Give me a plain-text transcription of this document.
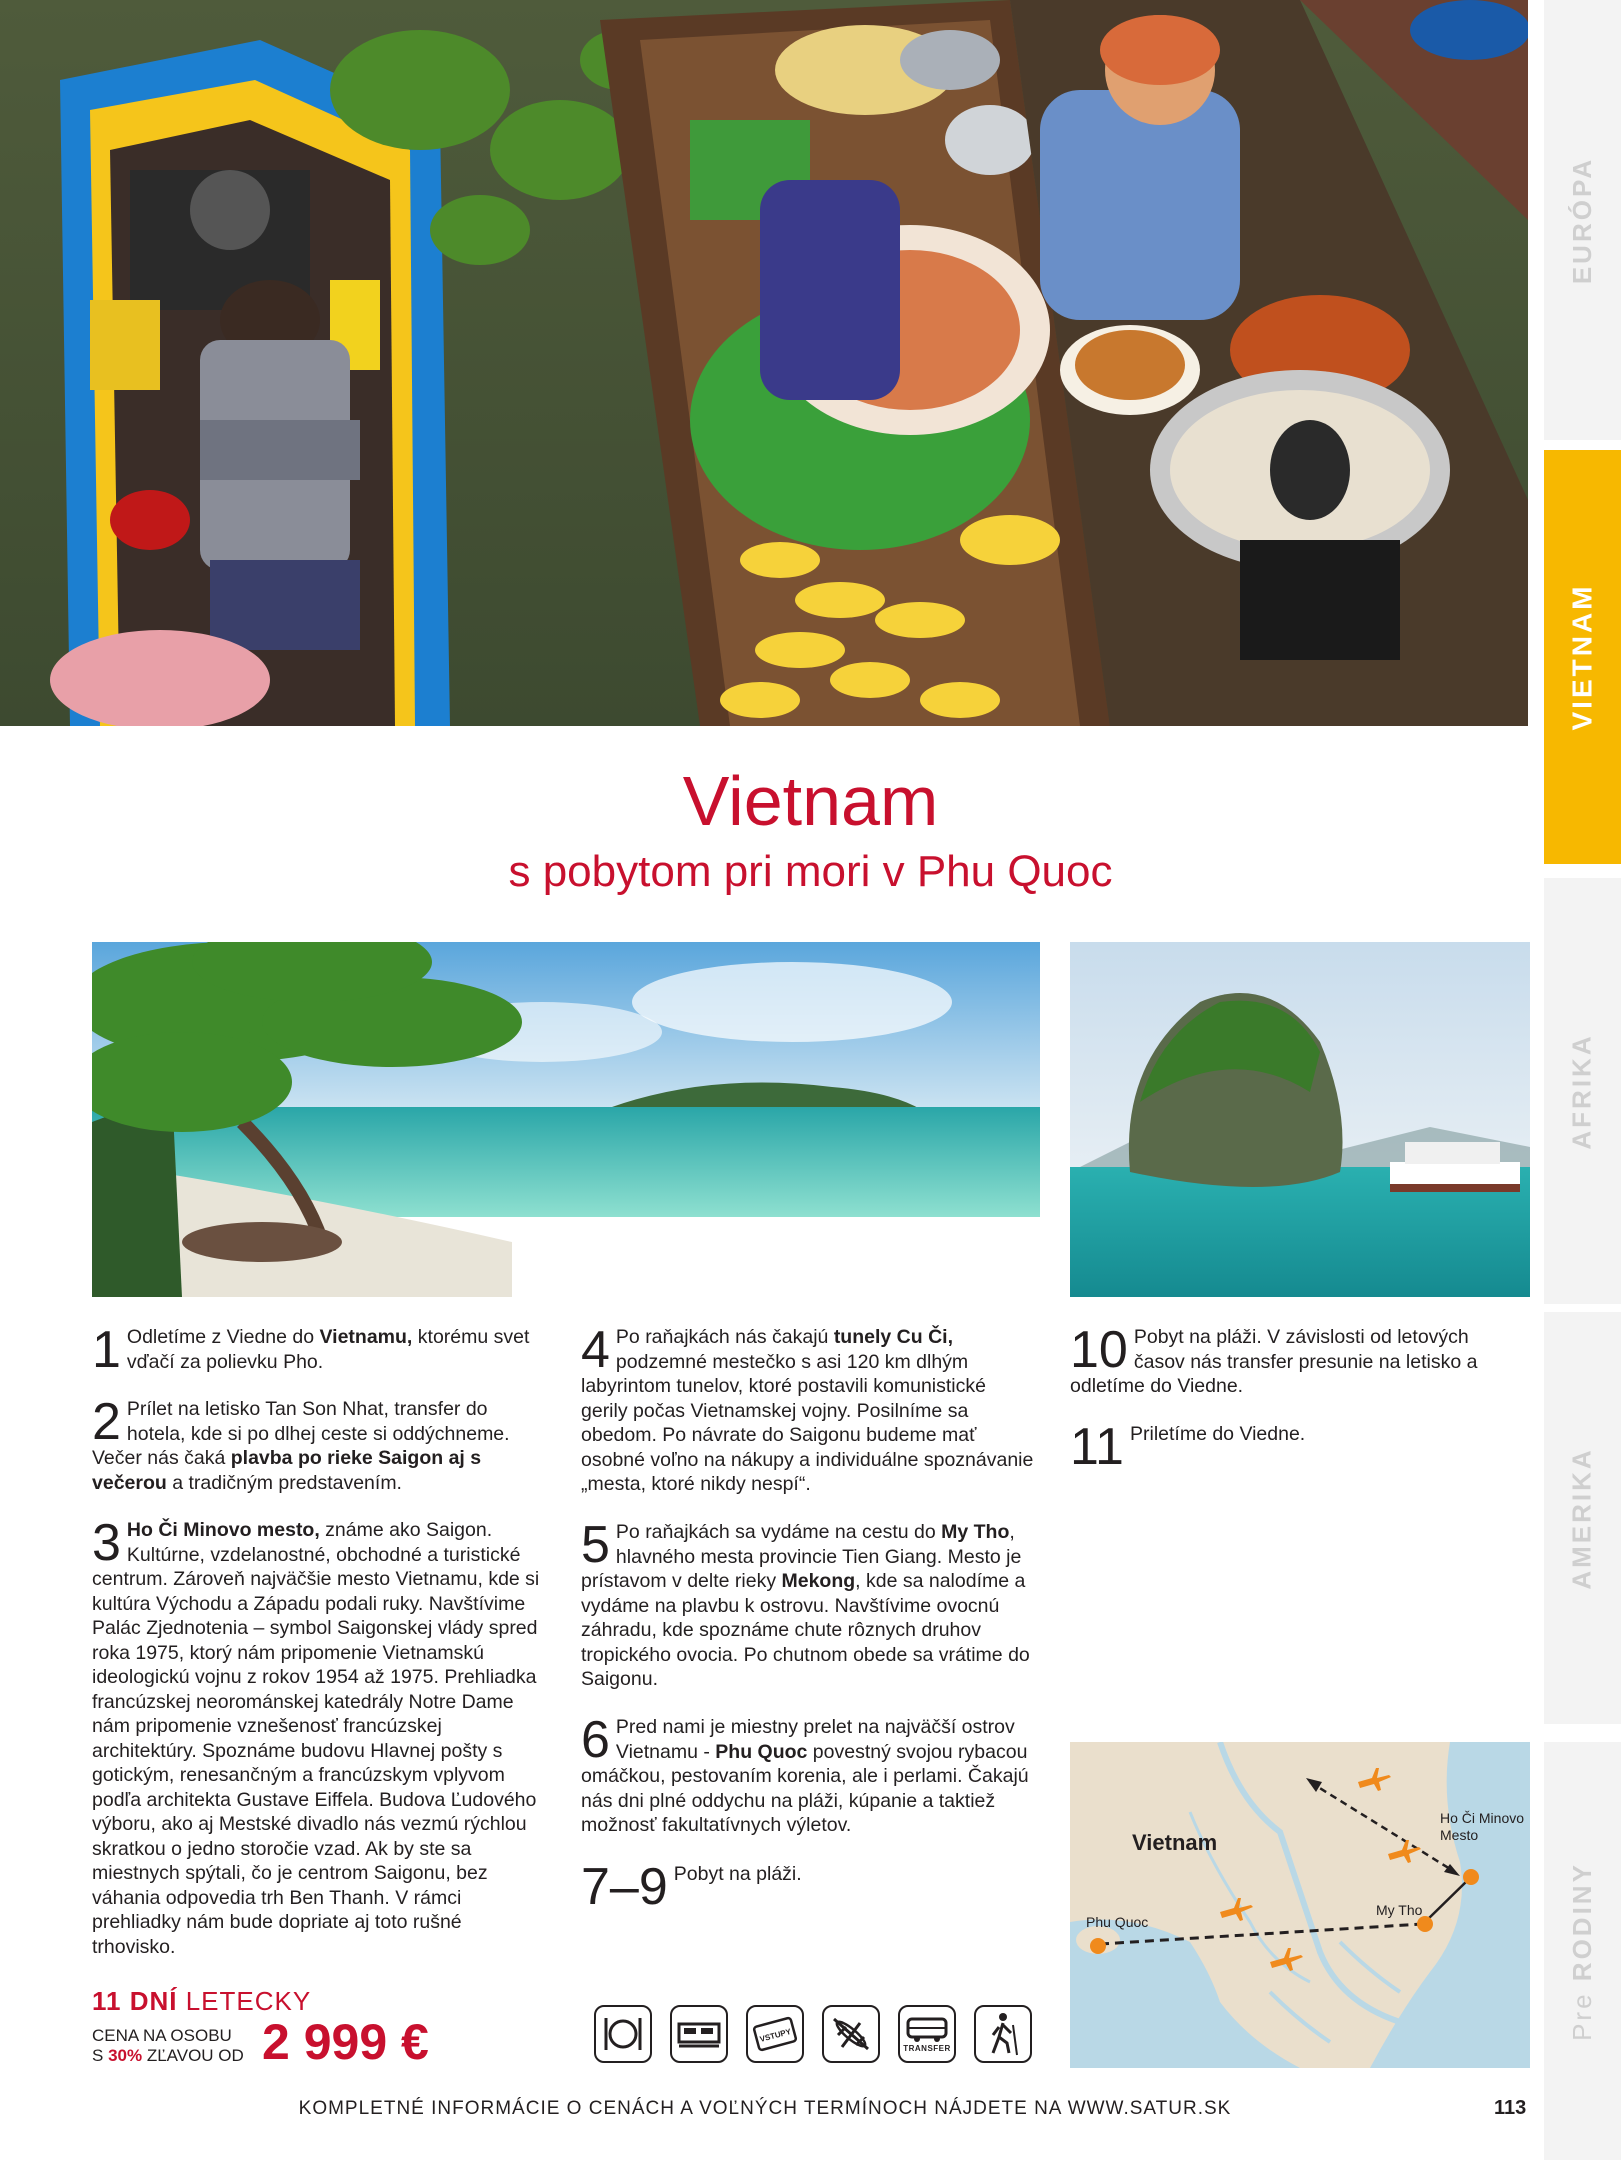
EURÓPA
VIETNAM
AFRIKA
AMERIKA
Pre RODINY
Vietnam
s pobytom pri mori v Phu Quoc
1 Odletíme z Viedne do Vietnamu, ktorému svet vďačí za polievku Pho.
2 Prílet na letisko Tan Son Nhat, transfer do hotela, kde si po dlhej ceste si oddýchneme. Večer nás čaká plavba po rieke Saigon aj s večerou a tradičným predstavením.
3 Ho Či Minovo mesto, známe ako Saigon. Kultúrne, vzdelanostné, obchodné a turistické centrum. Zároveň najväčšie mesto Vietnamu, kde si kultúra Východu a Západu podali ruky. Navštívime Palác Zjednotenia – symbol Saigonskej vlády spred roka 1975, ktorý nám pripomenie Vietnamskú ideologickú vojnu z rokov 1954 až 1975. Prehliadka francúzskej neorománskej katedrály Notre Dame nám pripomenie vznešenosť francúzskej architektúry. Spoznáme budovu Hlavnej pošty s gotickým, renesančným a francúzskym vplyvom podľa architekta Gustave Eiffela. Budova Ľudového výboru, ako aj Mestské divadlo nás vezmú rýchlou skratkou o jedno storočie vzad. Ak by ste sa miestnych spýtali, čo je centrom Saigonu, bez váhania odpovedia trh Ben Thanh. V rámci prehliadky nám bude dopriate aj toto rušné trhovisko.
4 Po raňajkách nás čakajú tunely Cu Či, podzemné mestečko s asi 120 km dlhým labyrintom tunelov, ktoré postavili komunistické gerily počas Vietnamskej vojny. Posilníme sa obedom. Po návrate do Saigonu budeme mať osobné voľno na nákupy a individuálne spoznávanie „mesta, ktoré nikdy nespí“.
5 Po raňajkách sa vydáme na cestu do My Tho, hlavného mesta provincie Tien Giang. Mesto je prístavom v delte rieky Mekong, kde sa nalodíme a vydáme na plavbu k ostrovu. Navštívime ovocnú záhradu, kde spoznáme chute rôznych druhov tropického ovocia. Po chutnom obede sa vrátime do Saigonu.
6 Pred nami je miestny prelet na najväčší ostrov Vietnamu - Phu Quoc povestný svojou rybacou omáčkou, pestovaním korenia, ale i perlami. Čakajú nás dni plné oddychu na pláži, kúpanie a taktiež možnosť fakultatívnych výletov.
7–9 Pobyt na pláži.
10 Pobyt na pláži. V závislosti od letových časov nás transfer presunie na letisko a odletíme do Viedne.
11 Priletíme do Viedne.
11 DNÍ LETECKY
CENA NA OSOBU
S 30% ZĽAVOU OD 2 999 €	VSTUPY
TRANSFER
Vietnam
Ho Či Minovo
Mesto
My Tho
Phu Quoc
KOMPLETNÉ INFORMÁCIE O CENÁCH A VOĽNÝCH TERMÍNOCH NÁJDETE NA WWW.SATUR.SK	113
